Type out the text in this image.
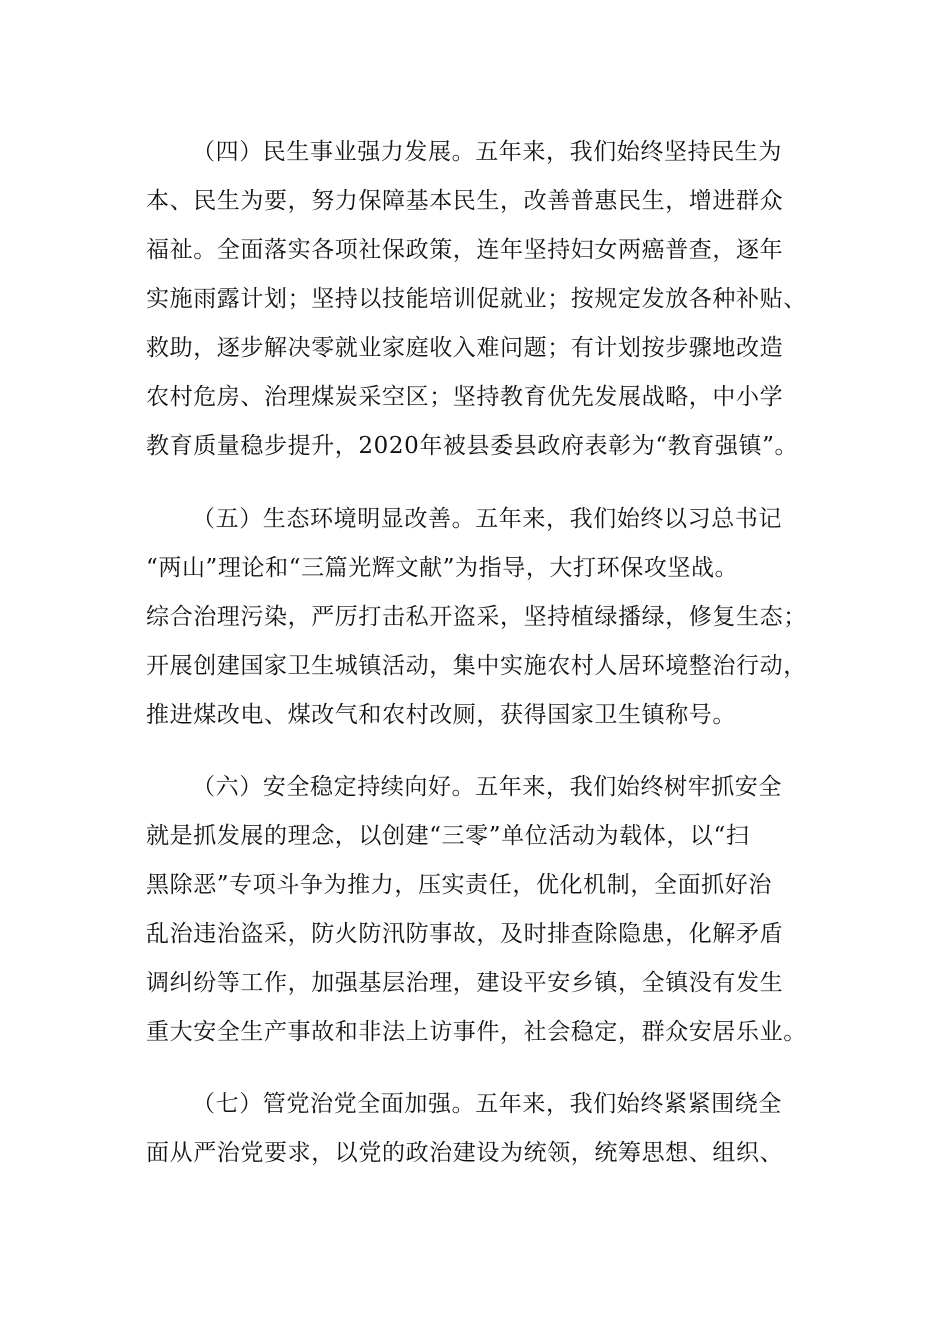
（四）民生事业强力发展。五年来，我们始终坚持民生为

本、民生为要，努力保障基本民生，改善普惠民生，增进群众

福祉。全面落实各项社保政策，连年坚持妇女两癌普查，逐年

实施雨露计划；坚持以技能培训促就业；按规定发放各种补贴、

救助，逐步解决零就业家庭收入难问题；有计划按步骤地改造

农村危房、治理煤炭采空区；坚持教育优先发展战略，中小学

教育质量稳步提升，2020年被县委县政府表彰为“教育强镇”。

（五）生态环境明显改善。五年来，我们始终以习总书记

“两山”理论和“三篇光辉文献”为指导，大打环保攻坚战。

综合治理污染，严厉打击私开盗采，坚持植绿播绿，修复生态；

开展创建国家卫生城镇活动，集中实施农村人居环境整治行动，

推进煤改电、煤改气和农村改厕，获得国家卫生镇称号。

（六）安全稳定持续向好。五年来，我们始终树牢抓安全

就是抓发展的理念，以创建“三零”单位活动为载体，以“扫

黑除恶”专项斗争为推力，压实责任，优化机制，全面抓好治

乱治违治盗采，防火防汛防事故，及时排查除隐患，化解矛盾

调纠纷等工作，加强基层治理，建设平安乡镇，全镇没有发生

重大安全生产事故和非法上访事件，社会稳定，群众安居乐业。

（七）管党治党全面加强。五年来，我们始终紧紧围绕全

面从严治党要求，以党的政治建设为统领，统筹思想、组织、
